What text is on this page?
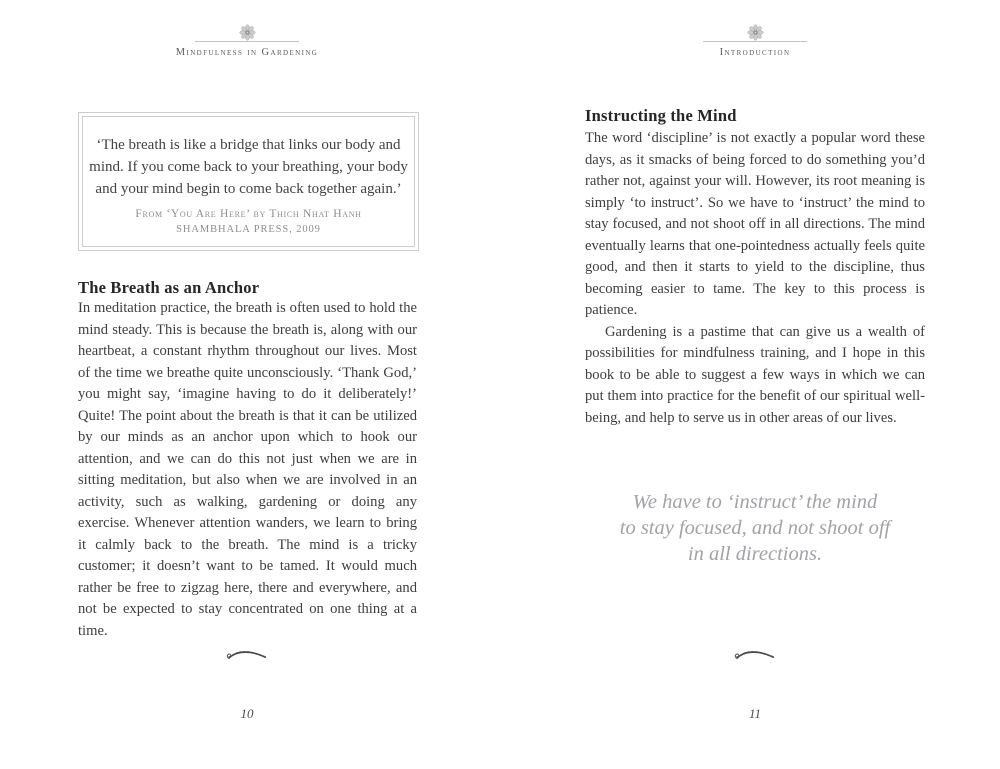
Mindfulness in Gardening
‘The breath is like a bridge that links our body and
mind. If you come back to your breathing, your body
and your mind begin to come back together again.’
From ‘You Are Here’ by Thich Nhat Hanh
SHAMBHALA PRESS, 2009
The Breath as an Anchor

In meditation practice, the breath is often used to hold the mind steady. This is because the breath is, along with our heartbeat, a constant rhythm throughout our lives. Most of the time we breathe quite unconsciously. ‘Thank God,’ you might say, ‘imagine having to do it deliberately!’ Quite! The point about the breath is that it can be utilized by our minds as an anchor upon which to hook our attention, and we can do this not just when we are in sitting meditation, but also when we are involved in an activity, such as walking, gardening or doing any exercise. Whenever attention wanders, we learn to bring it calmly back to the breath. The mind is a tricky customer; it doesn’t want to be tamed. It would much rather be free to zigzag here, there and everywhere, and not be expected to stay concentrated on one thing at a time.

10
Introduction
Instructing the Mind

The word ‘discipline’ is not exactly a popular word these days, as it smacks of being forced to do something you’d rather not, against your will. However, its root meaning is simply ‘to instruct’. So we have to ‘instruct’ the mind to stay focused, and not shoot off in all directions. The mind eventually learns that one-pointedness actually feels quite good, and then it starts to yield to the discipline, thus becoming easier to tame. The key to this process is patience.

Gardening is a pastime that can give us a wealth of possibilities for mindfulness training, and I hope in this book to be able to suggest a few ways in which we can put them into practice for the benefit of our spiritual well-being, and help to serve us in other areas of our lives.

We have to ‘instruct’ the mind
to stay focused, and not shoot off
in all directions.
11
